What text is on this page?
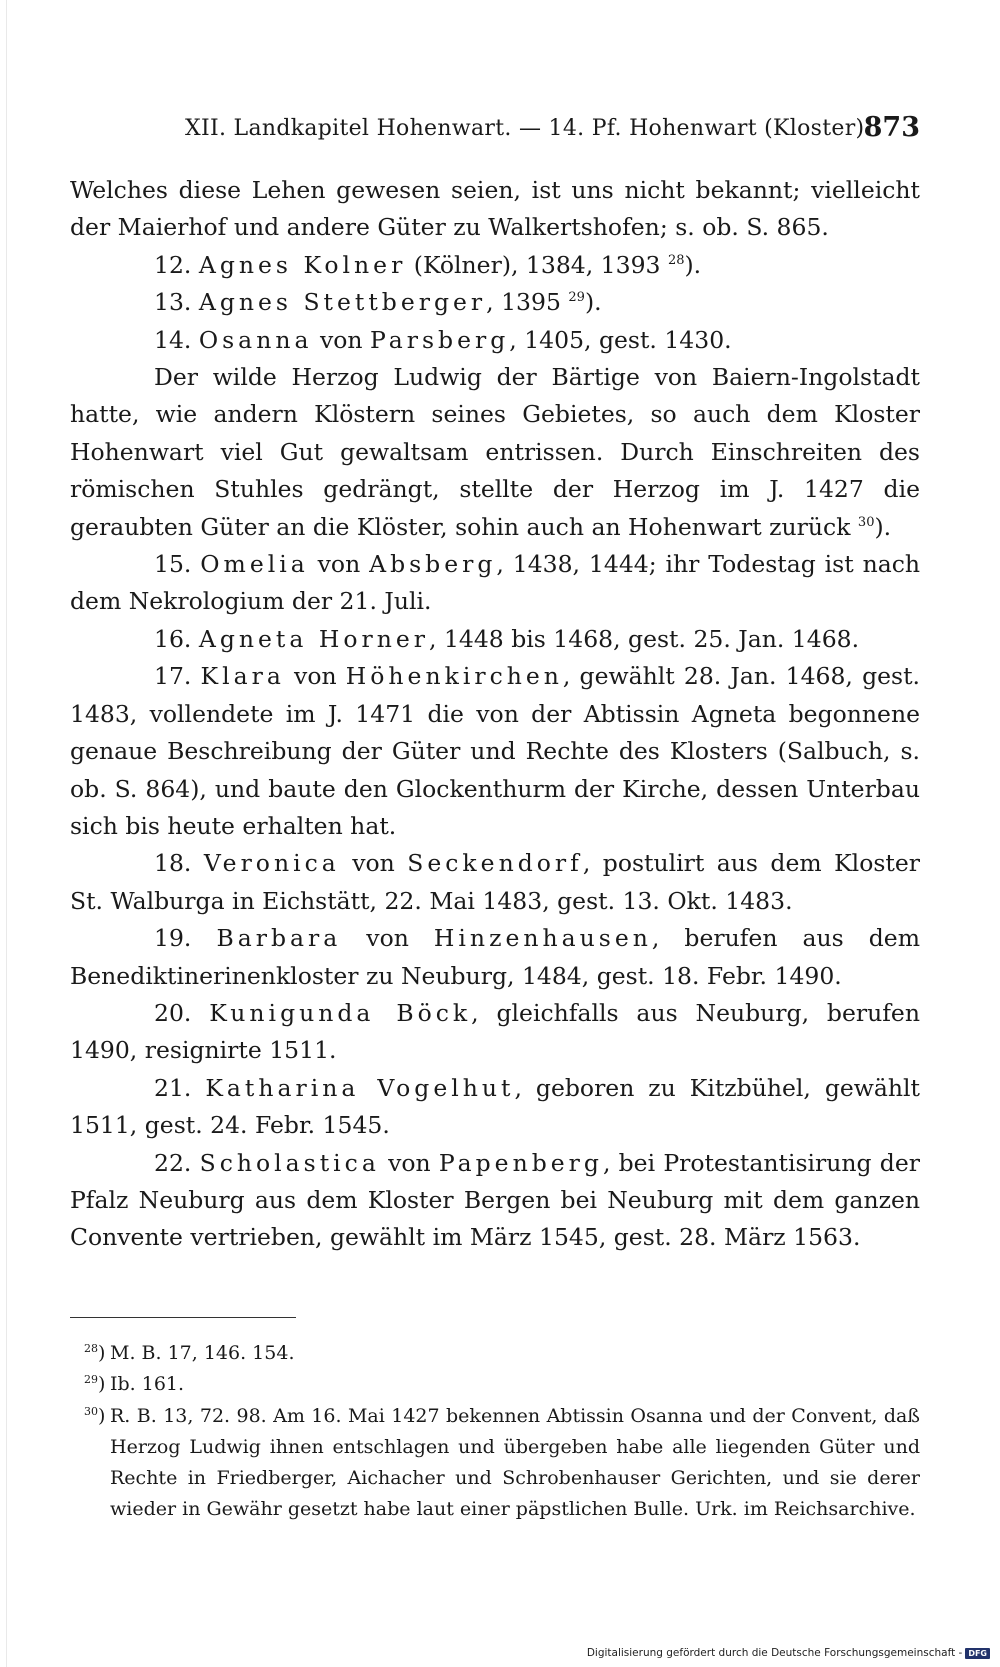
XII. Landkapitel Hohenwart. — 14. Pf. Hohenwart (Kloster).
873

Welches diese Lehen gewesen seien, ist uns nicht bekannt; vielleicht der Maierhof und andere Güter zu Walkertshofen; s. ob. S. 865.

12. Agnes Kolner (Kölner), 1384, 1393 $^{28}$).

13. Agnes Stettberger, 1395 $^{29}$).

14. Osanna von Parsberg, 1405, gest. 1430.

Der wilde Herzog Ludwig der Bärtige von Baiern-Ingolstadt hatte, wie andern Klöstern seines Gebietes, so auch dem Kloster Hohenwart viel Gut gewaltsam entrissen. Durch Einschreiten des römischen Stuhles gedrängt, stellte der Herzog im J. 1427 die geraubten Güter an die Klöster, sohin auch an Hohenwart zurück $^{30}$).

15. Omelia von Absberg, 1438, 1444; ihr Todestag ist nach dem Nekrologium der 21. Juli.

16. Agneta Horner, 1448 bis 1468, gest. 25. Jan. 1468.

17. Klara von Höhenkirchen, gewählt 28. Jan. 1468, gest. 1483, vollendete im J. 1471 die von der Abtissin Agneta begonnene genaue Beschreibung der Güter und Rechte des Klosters (Salbuch, s. ob. S. 864), und baute den Glockenthurm der Kirche, dessen Unterbau sich bis heute erhalten hat.

18. Veronica von Seckendorf, postulirt aus dem Kloster St. Walburga in Eichstätt, 22. Mai 1483, gest. 13. Okt. 1483.

19. Barbara von Hinzenhausen, berufen aus dem Benediktinerinenkloster zu Neuburg, 1484, gest. 18. Febr. 1490.

20. Kunigunda Böck, gleichfalls aus Neuburg, berufen 1490, resignirte 1511.

21. Katharina Vogelhut, geboren zu Kitzbühel, gewählt 1511, gest. 24. Febr. 1545.

22. Scholastica von Papenberg, bei Protestantisirung der Pfalz Neuburg aus dem Kloster Bergen bei Neuburg mit dem ganzen Convente vertrieben, gewählt im März 1545, gest. 28. März 1563.

$^{28}$) M. B. 17, 146. 154.
$^{29}$) Ib. 161.
$^{30}$) R. B. 13, 72. 98. Am 16. Mai 1427 bekennen Abtissin Osanna und der Convent, daß Herzog Ludwig ihnen entschlagen und übergeben habe alle liegenden Güter und Rechte in Friedberger, Aichacher und Schrobenhauser Gerichten, und sie derer wieder in Gewähr gesetzt habe laut einer päpstlichen Bulle. Urk. im Reichsarchive.
Digitalisierung gefördert durch die Deutsche Forschungsgemeinschaft - DFG
